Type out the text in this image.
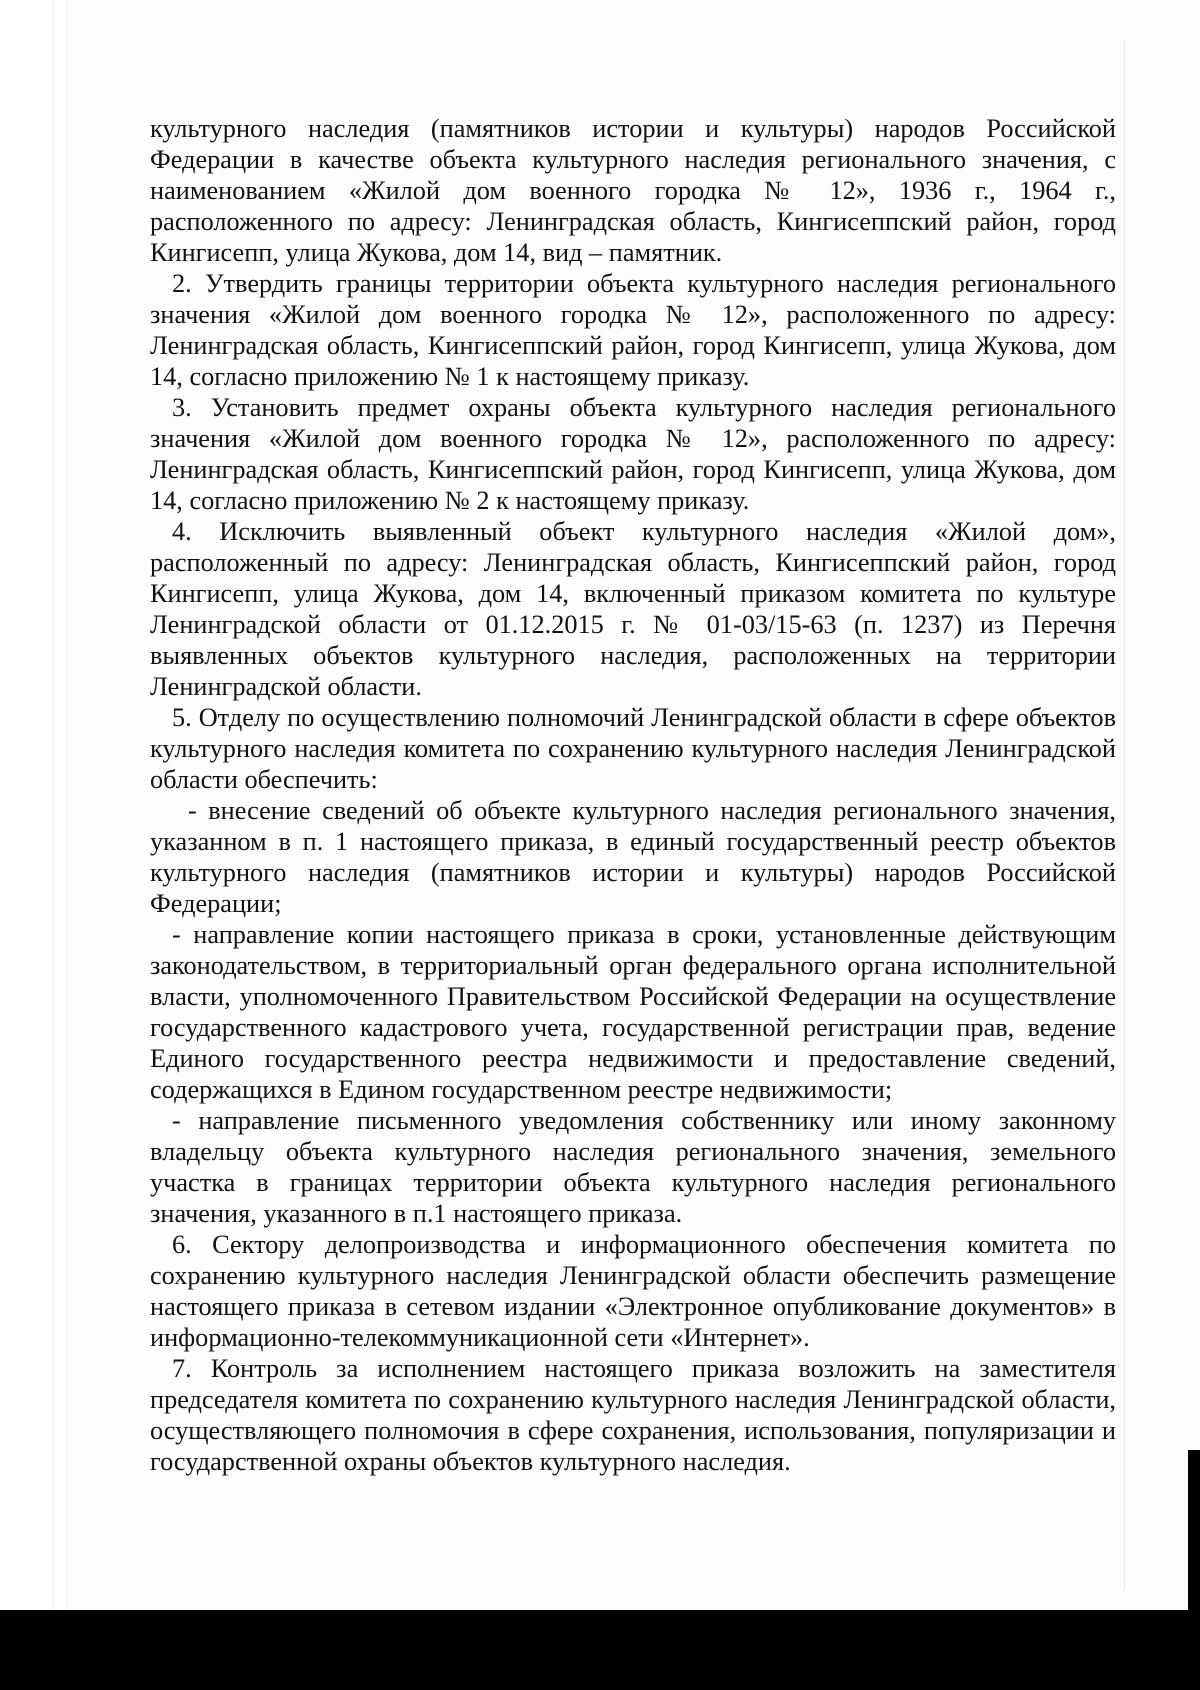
культурного наследия (памятников истории и культуры) народов Российской Федерации в качестве объекта культурного наследия регионального значения, с наименованием «Жилой дом военного городка № 12», 1936 г., 1964 г., расположенного по адресу: Ленинградская область, Кингисеппский район, город Кингисепп, улица Жукова, дом 14, вид – памятник.

2. Утвердить границы территории объекта культурного наследия регионального значения «Жилой дом военного городка № 12», расположенного по адресу: Ленинградская область, Кингисеппский район, город Кингисепп, улица Жукова, дом 14, согласно приложению № 1 к настоящему приказу.

3. Установить предмет охраны объекта культурного наследия регионального значения «Жилой дом военного городка № 12», расположенного по адресу: Ленинградская область, Кингисеппский район, город Кингисепп, улица Жукова, дом 14, согласно приложению № 2 к настоящему приказу.

4. Исключить выявленный объект культурного наследия «Жилой дом», расположенный по адресу: Ленинградская область, Кингисеппский район, город Кингисепп, улица Жукова, дом 14, включенный приказом комитета по культуре Ленинградской области от 01.12.2015 г. № 01-03/15-63 (п. 1237) из Перечня выявленных объектов культурного наследия, расположенных на территории Ленинградской области.

5. Отделу по осуществлению полномочий Ленинградской области в сфере объектов культурного наследия комитета по сохранению культурного наследия Ленинградской области обеспечить:

- внесение сведений об объекте культурного наследия регионального значения, указанном в п. 1 настоящего приказа, в единый государственный реестр объектов культурного наследия (памятников истории и культуры) народов Российской Федерации;

- направление копии настоящего приказа в сроки, установленные действующим законодательством, в территориальный орган федерального органа исполнительной власти, уполномоченного Правительством Российской Федерации на осуществление государственного кадастрового учета, государственной регистрации прав, ведение Единого государственного реестра недвижимости и предоставление сведений, содержащихся в Едином государственном реестре недвижимости;

- направление письменного уведомления собственнику или иному законному владельцу объекта культурного наследия регионального значения, земельного участка в границах территории объекта культурного наследия регионального значения, указанного в п.1 настоящего приказа.

6. Сектору делопроизводства и информационного обеспечения комитета по сохранению культурного наследия Ленинградской области обеспечить размещение настоящего приказа в сетевом издании «Электронное опубликование документов» в информационно-телекоммуникационной сети «Интернет».

7. Контроль за исполнением настоящего приказа возложить на заместителя председателя комитета по сохранению культурного наследия Ленинградской области, осуществляющего полномочия в сфере сохранения, использования, популяризации и государственной охраны объектов культурного наследия.
